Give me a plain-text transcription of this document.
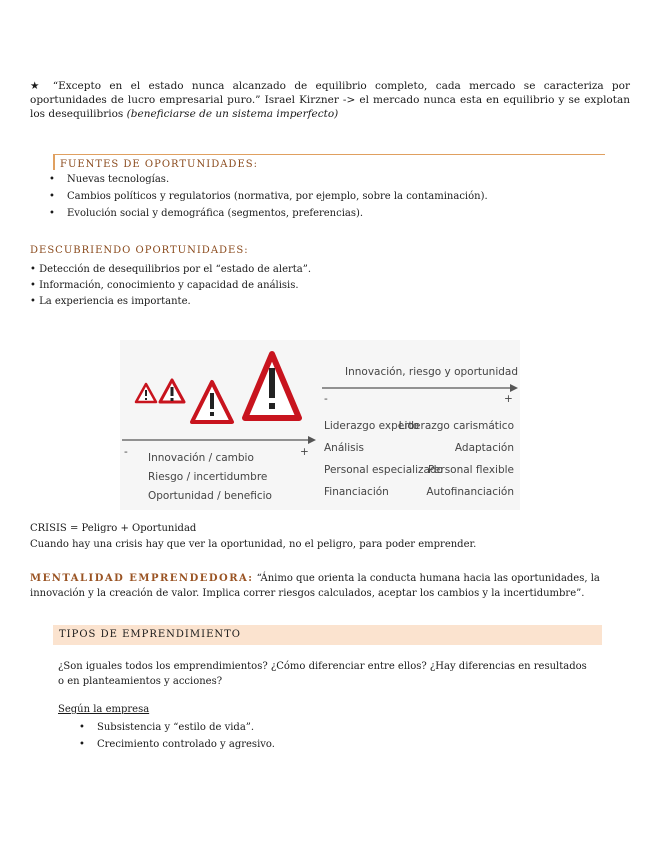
★ “Excepto en el estado nunca alcanzado de equilibrio completo, cada mercado se caracteriza por oportunidades de lucro empresarial puro.” Israel Kirzner -> el mercado nunca esta en equilibrio y se explotan los desequilibrios (beneficiarse de un sistema imperfecto)
FUENTES DE OPORTUNIDADES:
• Nuevas tecnologías.
• Cambios políticos y regulatorios (normativa, por ejemplo, sobre la contaminación).
• Evolución social y demográfica (segmentos, preferencias).
DESCUBRIENDO OPORTUNIDADES:
• Detección de desequilibrios por el “estado de alerta”.
• Información, conocimiento y capacidad de análisis.
• La experiencia es importante.
Innovación, riesgo y oportunidad
-	+
-	+
Innovación / cambio
Riesgo / incertidumbre
Oportunidad / beneficio
Liderazgo experto
Análisis
Personal especializado
Financiación
Liderazgo carismático
Adaptación
Personal flexible
Autofinanciación
CRISIS = Peligro + Oportunidad
Cuando hay una crisis hay que ver la oportunidad, no el peligro, para poder emprender.
MENTALIDAD EMPRENDEDORA: “Ánimo que orienta la conducta humana hacia las oportunidades, la innovación y la creación de valor. Implica correr riesgos calculados, aceptar los cambios y la incertidumbre”.
TIPOS DE EMPRENDIMIENTO
¿Son iguales todos los emprendimientos? ¿Cómo diferenciar entre ellos? ¿Hay diferencias en resultados o en planteamientos y acciones?
Según la empresa
• Subsistencia y “estilo de vida”.
• Crecimiento controlado y agresivo.
